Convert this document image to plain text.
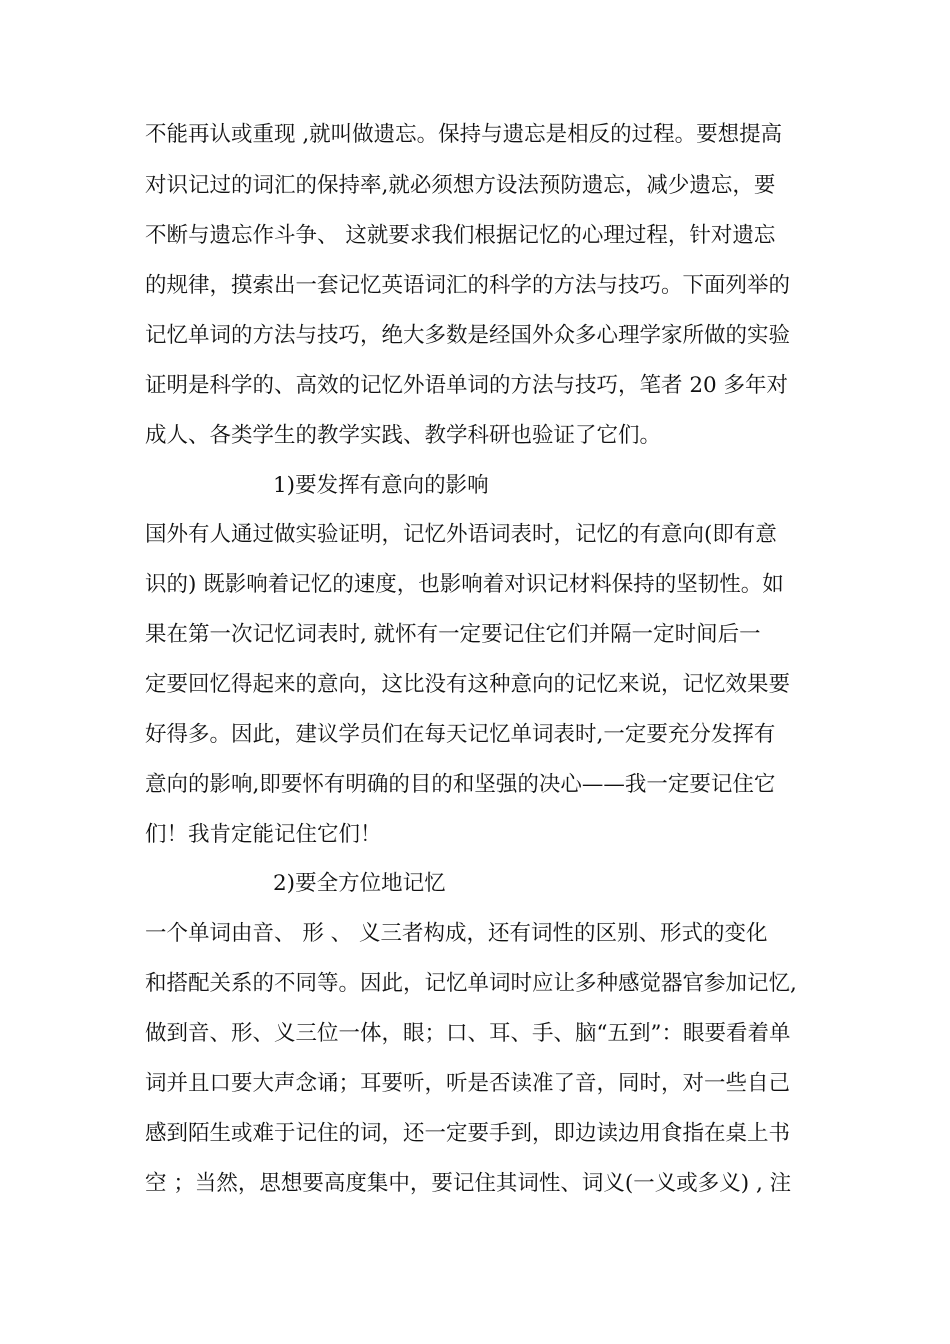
不能再认或重现 ,就叫做遗忘。保持与遗忘是相反的过程。要想提高
对识记过的词汇的保持率,就必须想方设法预防遗忘，减少遗忘，要
不断与遗忘作斗争、 这就要求我们根据记忆的心理过程，针对遗忘
的规律，摸索出一套记忆英语词汇的科学的方法与技巧。下面列举的
记忆单词的方法与技巧，绝大多数是经国外众多心理学家所做的实验
证明是科学的、高效的记忆外语单词的方法与技巧，笔者 20 多年对
成人、各类学生的教学实践、教学科研也验证了它们。
1)要发挥有意向的影响
国外有人通过做实验证明，记忆外语词表时，记忆的有意向(即有意
识的) 既影响着记忆的速度，也影响着对识记材料保持的坚韧性。如
果在第一次记忆词表时, 就怀有一定要记住它们并隔一定时间后一
定要回忆得起来的意向，这比没有这种意向的记忆来说，记忆效果要
好得多。因此，建议学员们在每天记忆单词表时,一定要充分发挥有
意向的影响,即要怀有明确的目的和坚强的决心——我一定要记住它
们！我肯定能记住它们！
2)要全方位地记忆
一个单词由音、 形 、 义三者构成，还有词性的区别、形式的变化
和搭配关系的不同等。因此，记忆单词时应让多种感觉器官参加记忆,
做到音、形、义三位一体，眼；口、耳、手、脑“五到”：眼要看着单
词并且口要大声念诵；耳要听，听是否读准了音，同时，对一些自己
感到陌生或难于记住的词，还一定要手到，即边读边用食指在桌上书
空 ；当然，思想要高度集中，要记住其词性、词义(一义或多义) , 注
